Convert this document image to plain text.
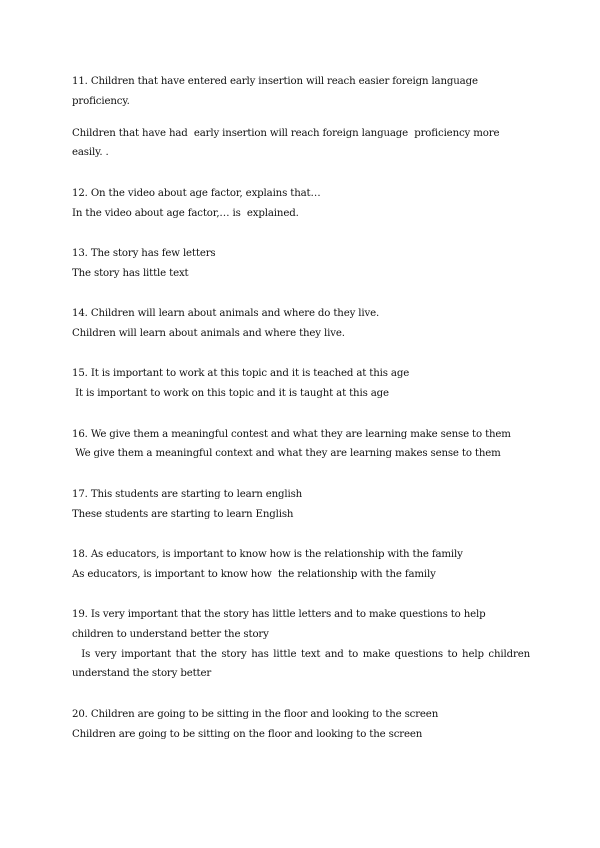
11. Children that have entered early insertion will reach easier foreign language proficiency.
Children that have had  early insertion will reach foreign language  proficiency more easily. .
12. On the video about age factor, explains that…
In the video about age factor,… is  explained.
13. The story has few letters
The story has little text
14. Children will learn about animals and where do they live.
Children will learn about animals and where they live.
15. It is important to work at this topic and it is teached at this age
It is important to work on this topic and it is taught at this age
16. We give them a meaningful contest and what they are learning make sense to them
We give them a meaningful context and what they are learning makes sense to them
17. This students are starting to learn english
These students are starting to learn English
18. As educators, is important to know how is the relationship with the family
As educators, is important to know how  the relationship with the family
19. Is very important that the story has little letters and to make questions to help children to understand better the story
Is very important that the story has little text and to make questions to help children understand the story better
20. Children are going to be sitting in the floor and looking to the screen
Children are going to be sitting on the floor and looking to the screen
